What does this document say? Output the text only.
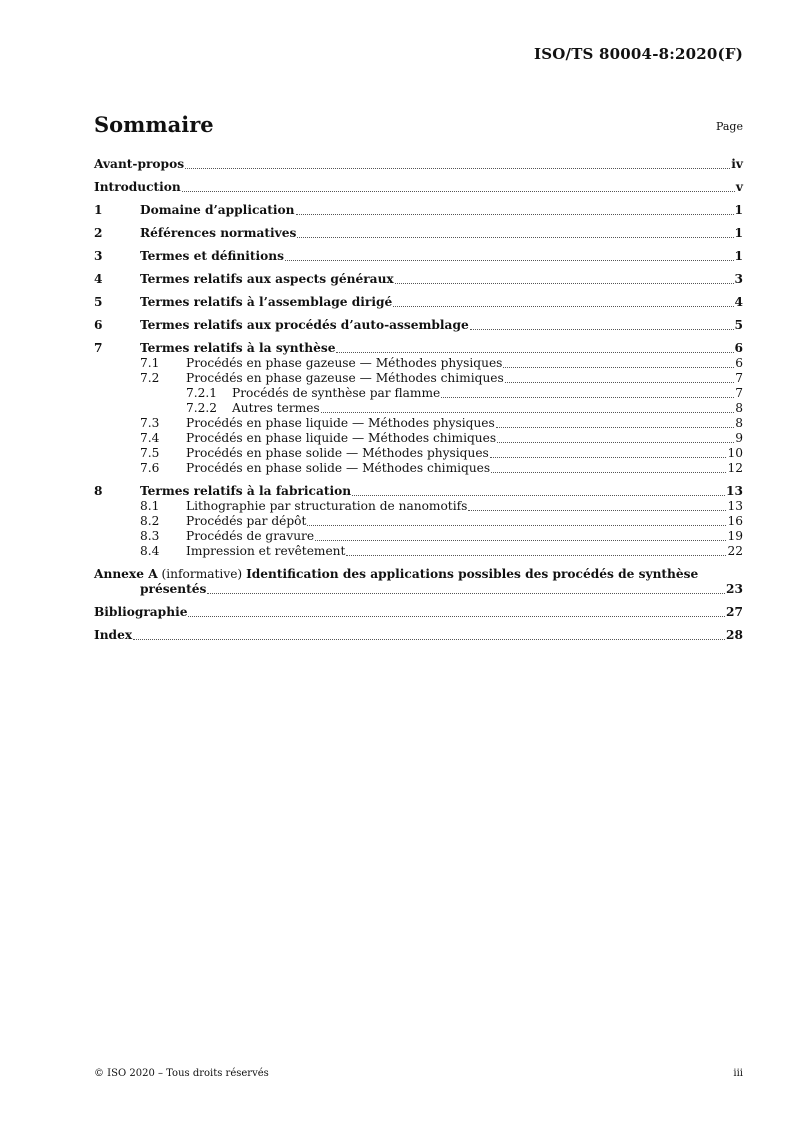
ISO/TS 80004-8:2020(F)
Sommaire	Page
Avant-propos	iv
Introduction	v
1	Domaine d’application	1
2	Références normatives	1
3	Termes et définitions	1
4	Termes relatifs aux aspects généraux	3
5	Termes relatifs à l’assemblage dirigé	4
6	Termes relatifs aux procédés d’auto-assemblage	5
7	Termes relatifs à la synthèse	6
7.1	Procédés en phase gazeuse — Méthodes physiques	6
7.2	Procédés en phase gazeuse — Méthodes chimiques	7
7.2.1	Procédés de synthèse par flamme	7
7.2.2	Autres termes	8
7.3	Procédés en phase liquide — Méthodes physiques	8
7.4	Procédés en phase liquide — Méthodes chimiques	9
7.5	Procédés en phase solide — Méthodes physiques	10
7.6	Procédés en phase solide — Méthodes chimiques	12
8	Termes relatifs à la fabrication	13
8.1	Lithographie par structuration de nanomotifs	13
8.2	Procédés par dépôt	16
8.3	Procédés de gravure	19
8.4	Impression et revêtement	22
Annexe A (informative) Identification des applications possibles des procédés de synthèse
présentés	23
Bibliographie	27
Index	28
© ISO 2020 – Tous droits réservés	iii
